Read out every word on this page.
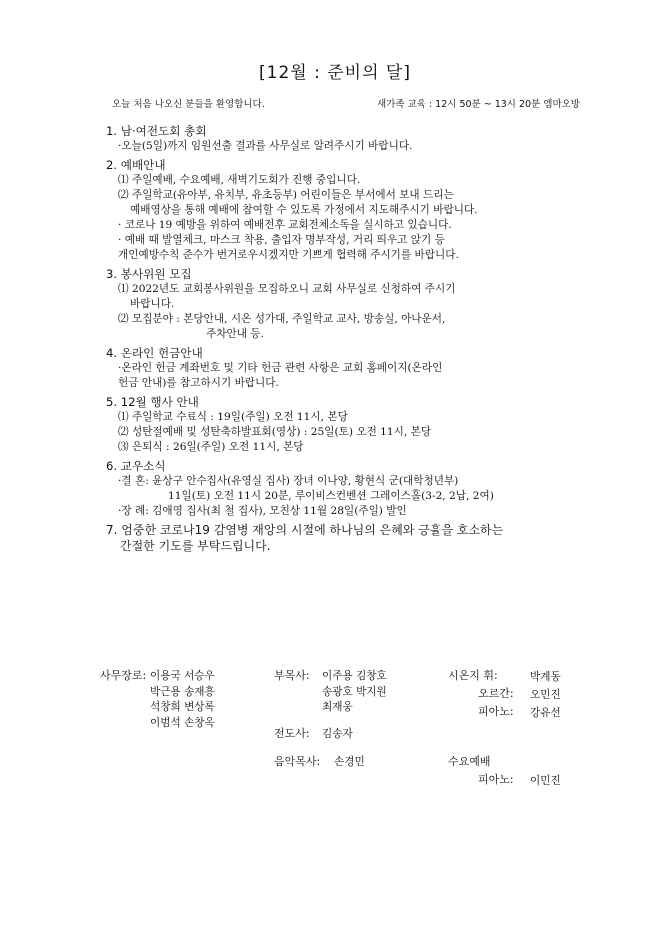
[12월 : 준비의 달]
오늘 처음 나오신 분들을 환영합니다.	새가족 교육 : 12시 50분 ~ 13시 20분 엠마오방
1. 남·여전도회 총회
·오늘(5일)까지 임원선출 결과를 사무실로 알려주시기 바랍니다.
2. 예배안내
⑴ 주일예배, 수요예배, 새벽기도회가 진행 중입니다.
⑵ 주일학교(유아부, 유치부, 유초등부) 어린이들은 부서에서 보내 드리는
예배영상을 통해 예배에 참여할 수 있도록 가정에서 지도해주시기 바랍니다.
· 코로나 19 예방을 위하여 예배전후 교회전체소독을 실시하고 있습니다.
· 예배 때 발열체크, 마스크 착용, 출입자 명부작성, 거리 띄우고 앉기 등
개인예방수칙 준수가 번거로우시겠지만 기쁘게 협력해 주시기를 바랍니다.
3. 봉사위원 모집
⑴ 2022년도 교회봉사위원을 모집하오니 교회 사무실로 신청하여 주시기
바랍니다.
⑵ 모집분야 : 본당안내, 시온 성가대, 주일학교 교사, 방송실, 아나운서,
주차안내 등.
4. 온라인 헌금안내
·온라인 헌금 계좌번호 및 기타 헌금 관련 사항은 교회 홈페이지(온라인
헌금 안내)를 참고하시기 바랍니다.
5. 12월 행사 안내
⑴ 주일학교 수료식 : 19일(주일) 오전 11시, 본당
⑵ 성탄절예배 및 성탄축하발표회(영상) : 25일(토) 오전 11시, 본당
⑶ 은퇴식 : 26일(주일) 오전 11시, 본당
6. 교우소식
·결 혼: 윤상구 안수집사(유영실 집사) 장녀 이나양, 황현식 군(대학청년부)
11일(토) 오전 11시 20분, 루이비스컨벤션 그레이스홀(3-2, 2납, 2여)
·장 례: 김애영 집사(최 철 집사), 모친상 11월 28일(주일) 발인
7. 엄중한 코로나19 감염병 재앙의 시절에 하나님의 은혜와 긍휼을 호소하는
간절한 기도를 부탁드립니다.
사무장로: 이용국 서승우
박근용 송재흥
석창희 변상록
이범석 손창옥
부목사: 이주용 김창호
송광호 박지원
최재웅
전도사: 김송자
음악목사: 손경민
시온지 휘:	박계동
오르간: 오민진
피아노: 강유선
수요예배
피아노: 이민진
